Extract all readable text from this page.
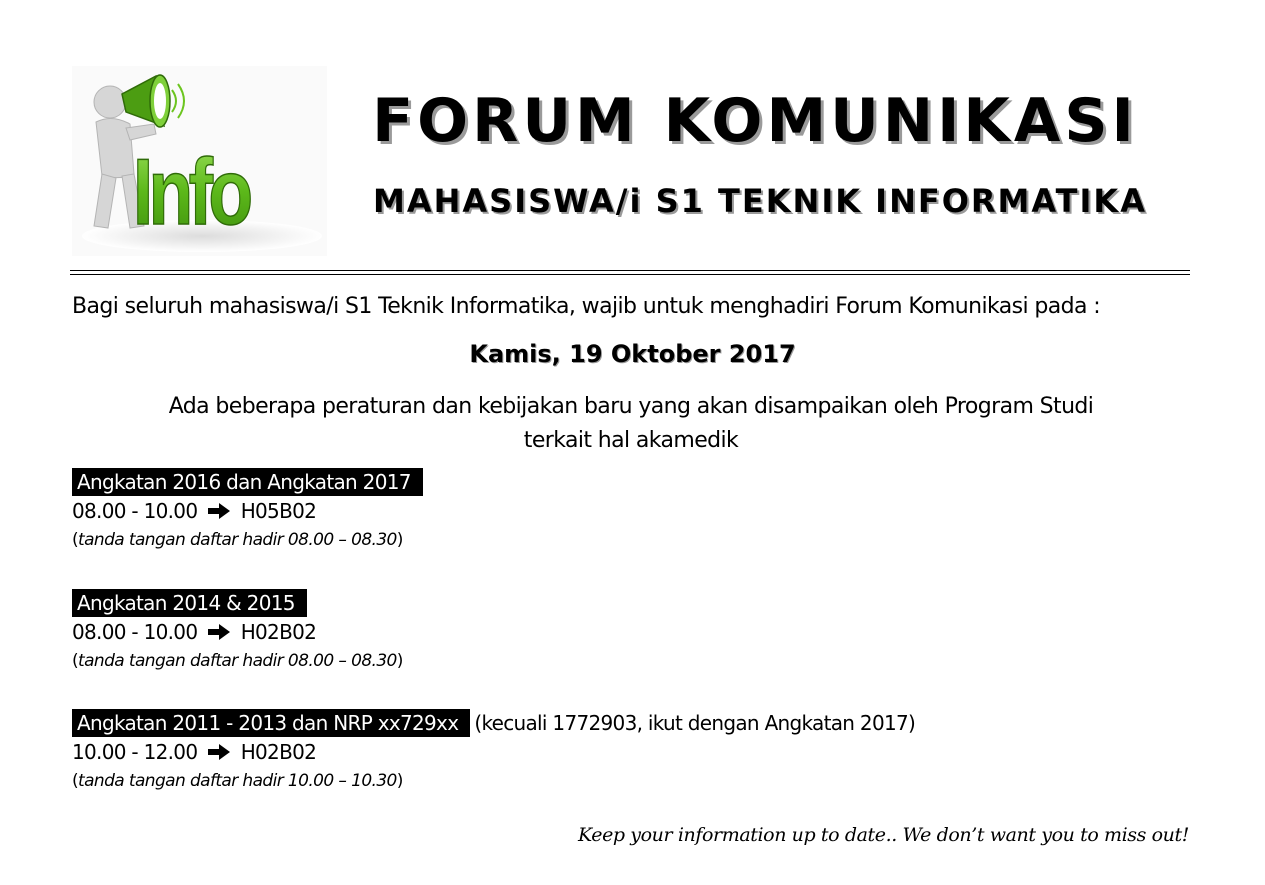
Info
FORUM KOMUNIKASI
MAHASISWA/i S1 TEKNIK INFORMATIKA
Bagi seluruh mahasiswa/i S1 Teknik Informatika, wajib untuk menghadiri Forum Komunikasi pada :
Kamis, 19 Oktober 2017
Ada beberapa peraturan dan kebijakan baru yang akan disampaikan oleh Program Studi
terkait hal akamedik
Angkatan 2016 dan Angkatan 2017
08.00 - 10.00 H05B02
(tanda tangan daftar hadir 08.00 – 08.30)
Angkatan 2014 & 2015
08.00 - 10.00 H02B02
(tanda tangan daftar hadir 08.00 – 08.30)
Angkatan 2011 - 2013 dan NRP xx729xx (kecuali 1772903, ikut dengan Angkatan 2017)
10.00 - 12.00 H02B02
(tanda tangan daftar hadir 10.00 – 10.30)
Keep your information up to date.. We don’t want you to miss out!
